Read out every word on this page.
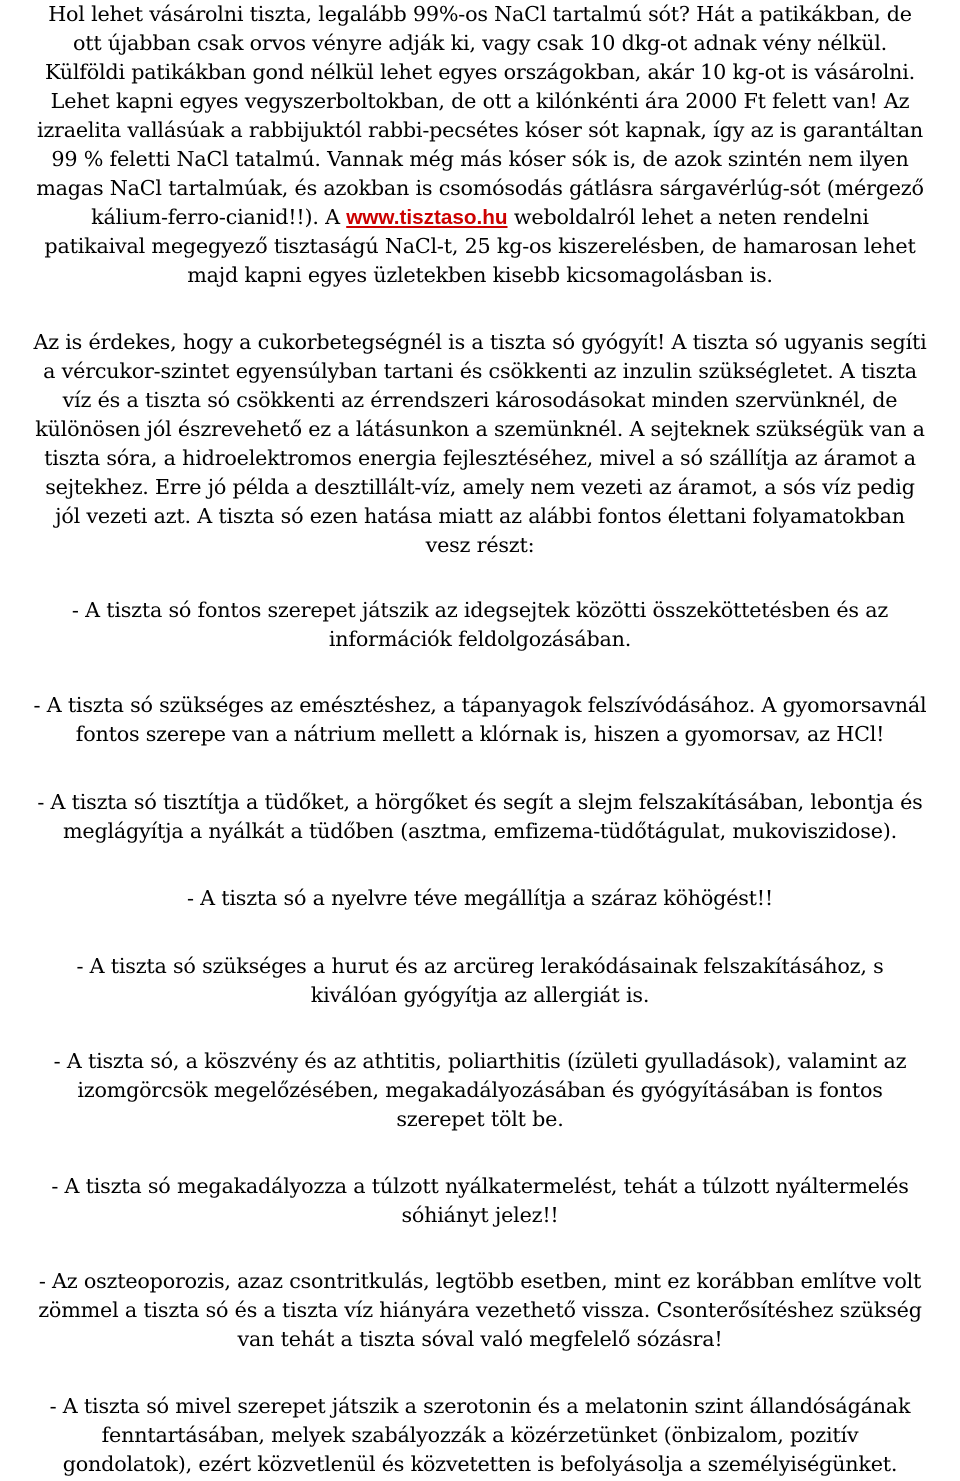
Hol lehet vásárolni tiszta, legalább 99%-os NaCl tartalmú sót? Hát a patikákban, de
ott újabban csak orvos vényre adják ki, vagy csak 10 dkg-ot adnak vény nélkül.
Külföldi patikákban gond nélkül lehet egyes országokban, akár 10 kg-ot is vásárolni.
Lehet kapni egyes vegyszerboltokban, de ott a kilónkénti ára 2000 Ft felett van! Az
izraelita vallásúak a rabbijuktól rabbi-pecsétes kóser sót kapnak, így az is garantáltan
99 % feletti NaCl tatalmú. Vannak még más kóser sók is, de azok szintén nem ilyen
magas NaCl tartalmúak, és azokban is csomósodás gátlásra sárgavérlúg-sót (mérgező
kálium-ferro-cianid!!). A www.tisztaso.hu weboldalról lehet a neten rendelni
patikaival megegyező tisztaságú NaCl-t, 25 kg-os kiszerelésben, de hamarosan lehet
majd kapni egyes üzletekben kisebb kicsomagolásban is.

Az is érdekes, hogy a cukorbetegségnél is a tiszta só gyógyít! A tiszta só ugyanis segíti
a vércukor-szintet egyensúlyban tartani és csökkenti az inzulin szükségletet. A tiszta
víz és a tiszta só csökkenti az érrendszeri károsodásokat minden szervünknél, de
különösen jól észrevehető ez a látásunkon a szemünknél. A sejteknek szükségük van a
tiszta sóra, a hidroelektromos energia fejlesztéséhez, mivel a só szállítja az áramot a
sejtekhez. Erre jó példa a desztillált-víz, amely nem vezeti az áramot, a sós víz pedig
jól vezeti azt. A tiszta só ezen hatása miatt az alábbi fontos élettani folyamatokban
vesz részt:

- A tiszta só fontos szerepet játszik az idegsejtek közötti összeköttetésben és az
információk feldolgozásában.

- A tiszta só szükséges az emésztéshez, a tápanyagok felszívódásához. A gyomorsavnál
fontos szerepe van a nátrium mellett a klórnak is, hiszen a gyomorsav, az HCl!

- A tiszta só tisztítja a tüdőket, a hörgőket és segít a slejm felszakításában, lebontja és
meglágyítja a nyálkát a tüdőben (asztma, emfizema-tüdőtágulat, mukoviszidose).

- A tiszta só a nyelvre téve megállítja a száraz köhögést!!

- A tiszta só szükséges a hurut és az arcüreg lerakódásainak felszakításához, s
kiválóan gyógyítja az allergiát is.

- A tiszta só, a köszvény és az athtitis, poliarthitis (ízületi gyulladások), valamint az
izomgörcsök megelőzésében, megakadályozásában és gyógyításában is fontos
szerepet tölt be.

- A tiszta só megakadályozza a túlzott nyálkatermelést, tehát a túlzott nyáltermelés
sóhiányt jelez!!

- Az oszteoporozis, azaz csontritkulás, legtöbb esetben, mint ez korábban említve volt
zömmel a tiszta só és a tiszta víz hiányára vezethető vissza. Csonterősítéshez szükség
van tehát a tiszta sóval való megfelelő sózásra!

- A tiszta só mivel szerepet játszik a szerotonin és a melatonin szint állandóságának
fenntartásában, melyek szabályozzák a közérzetünket (önbizalom, pozitív
gondolatok), ezért közvetlenül és közvetetten is befolyásolja a személyiségünket.
